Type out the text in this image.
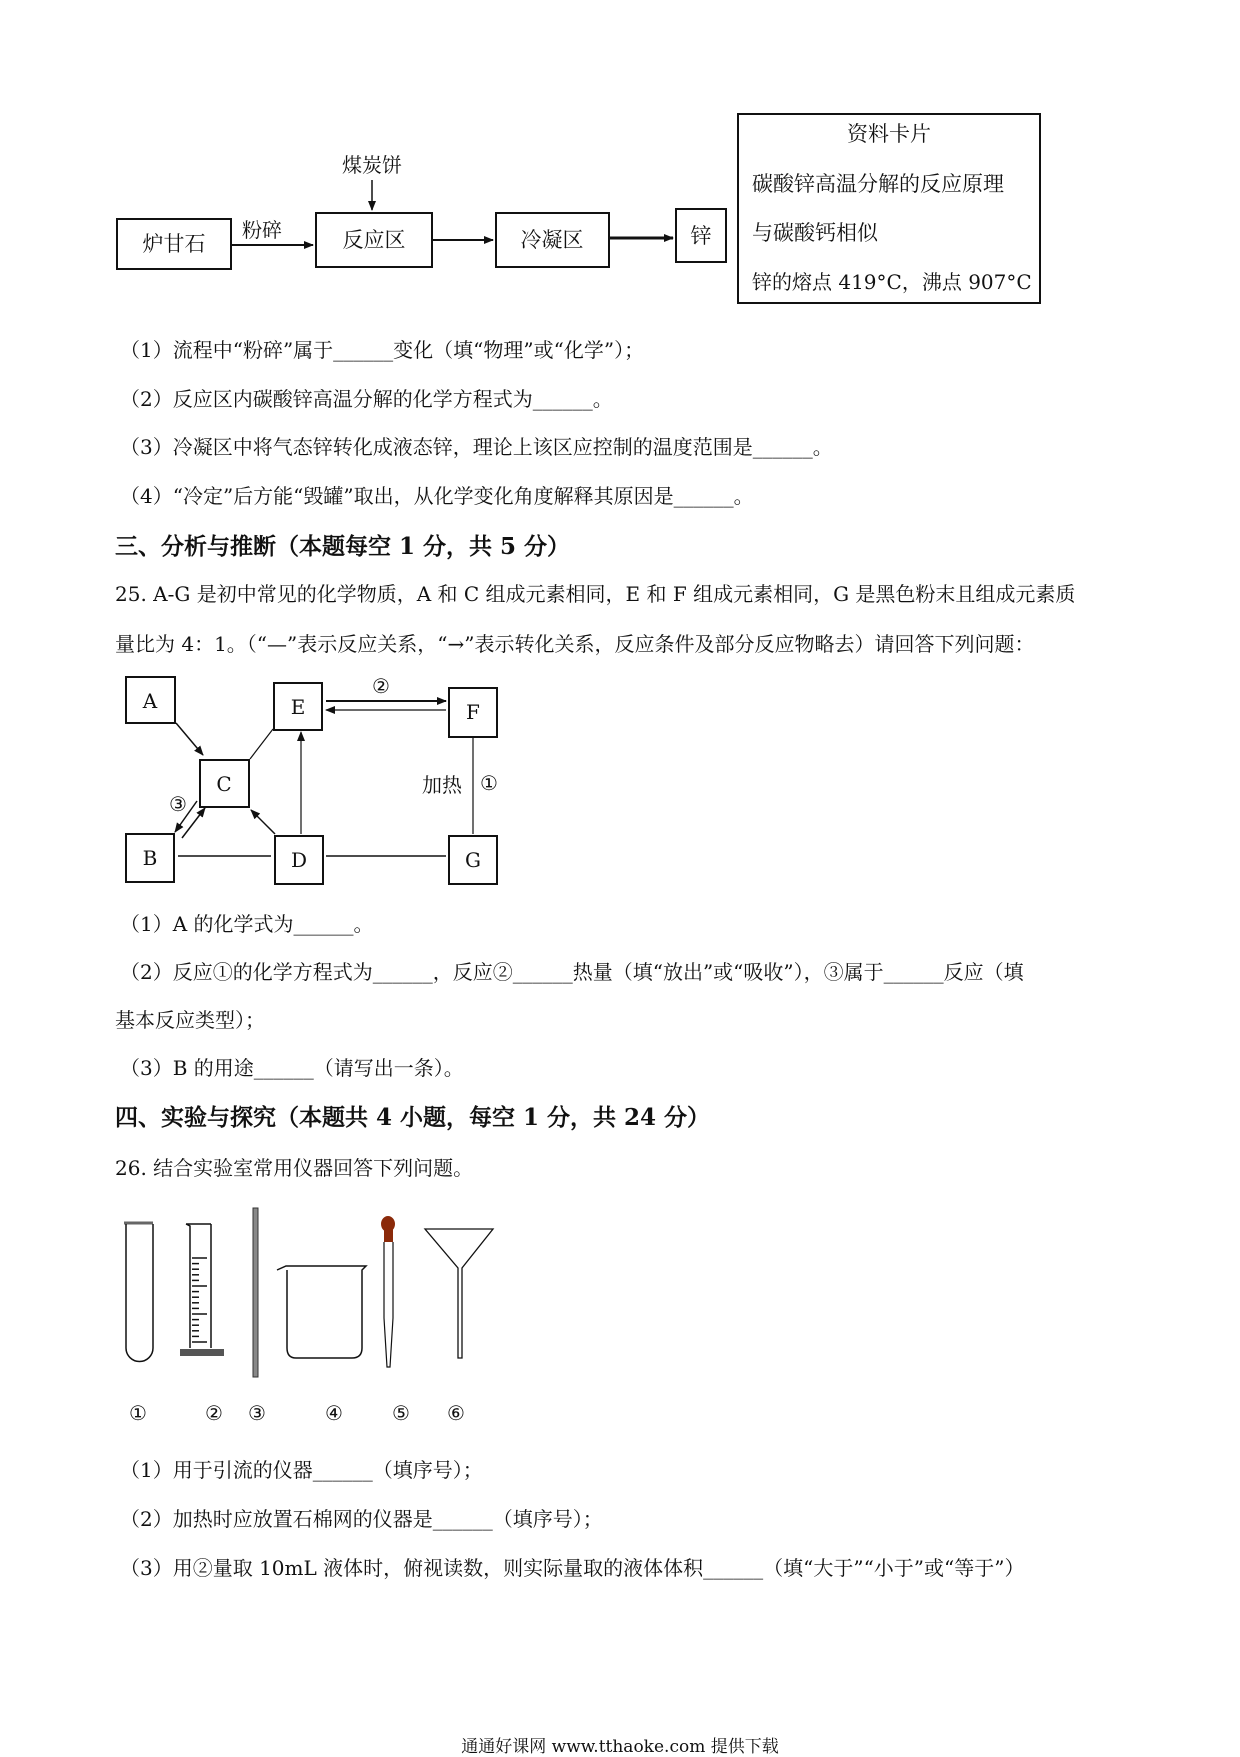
炉甘石
粉碎
煤炭饼
反应区	冷凝区	锌
资料卡片
碳酸锌高温分解的反应原理
与碳酸钙相似
锌的熔点 419°C，沸点 907°C
A	E	F
C
B	D	G
②
加热 ①
③
①	② ③	④ ⑤ ⑥
（1）流程中“粉碎”属于______变化（填“物理”或“化学”）；
（2）反应区内碳酸锌高温分解的化学方程式为______。
（3）冷凝区中将气态锌转化成液态锌，理论上该区应控制的温度范围是______。
（4）“冷定”后方能“毁罐”取出，从化学变化角度解释其原因是______。
三、分析与推断（本题每空 1 分，共 5 分）
25. A-G 是初中常见的化学物质，A 和 C 组成元素相同，E 和 F 组成元素相同，G 是黑色粉末且组成元素质
量比为 4：1。（“—”表示反应关系，“→”表示转化关系，反应条件及部分反应物略去）请回答下列问题：
（1）A 的化学式为______。
（2）反应①的化学方程式为______，反应②______热量（填“放出”或“吸收”），③属于______反应（填
基本反应类型）；
（3）B 的用途______（请写出一条）。
四、实验与探究（本题共 4 小题，每空 1 分，共 24 分）
26. 结合实验室常用仪器回答下列问题。
（1）用于引流的仪器______（填序号）；
（2）加热时应放置石棉网的仪器是______（填序号）；
（3）用②量取 10mL 液体时，俯视读数，则实际量取的液体体积______（填“大于”“小于”或“等于”）
通通好课网 www.tthaoke.com 提供下载
